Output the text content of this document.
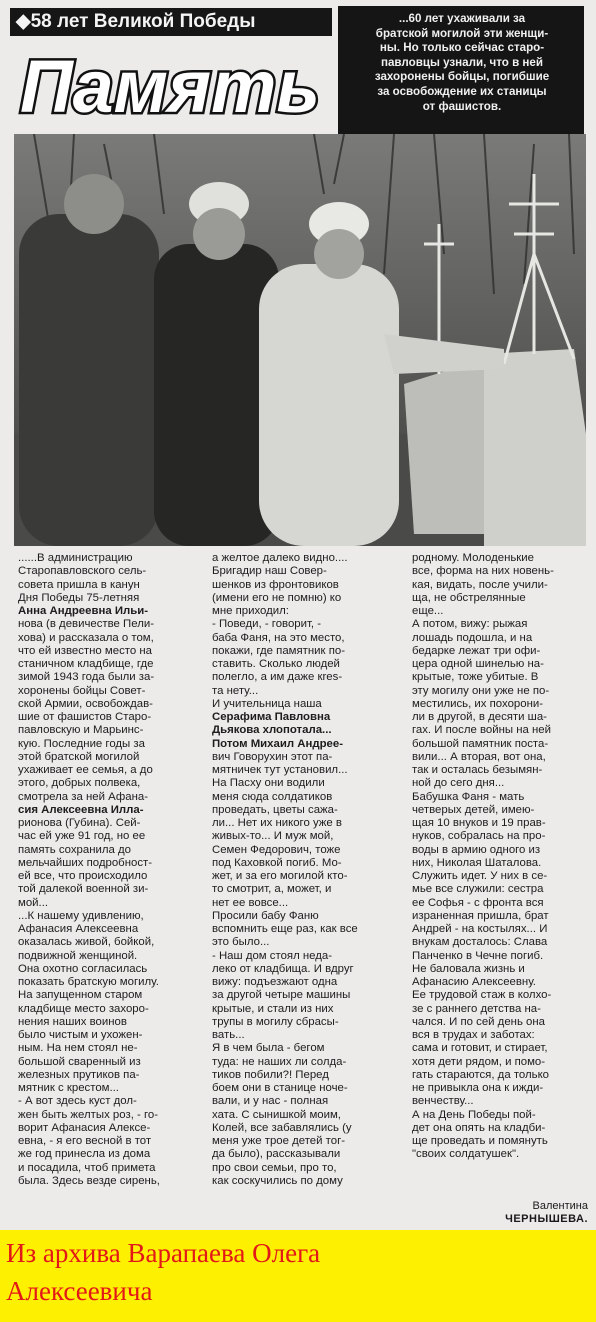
◆58 лет Великой Победы
Память
...60 лет ухаживали за
братской могилой эти женщи-
ны. Но только сейчас старо-
павловцы узнали, что в ней
захоронены бойцы, погибшие
за освобождение их станицы
от фашистов.
......В администрацию
Старопавловского сель-
совета пришла в канун
Дня Победы 75-летняя
Анна Андреевна Ильи-
нова (в девичестве Пели-
хова) и рассказала о том,
что ей известно место на
станичном кладбище, где
зимой 1943 года были за-
хоронены бойцы Совет-
ской Армии, освобождав-
шие от фашистов Старо-
павловскую и Марьинс-
кую. Последние годы за
этой братской могилой
ухаживает ее семья, а до
этого, добрых полвека,
смотрела за ней Афана-
сия Алексеевна Илла-
рионова (Губина). Сей-
час ей уже 91 год, но ее
память сохранила до
мельчайших подробност-
ей все, что происходило
той далекой военной зи-
мой...
...К нашему удивлению,
Афанасия Алексеевна
оказалась живой, бойкой,
подвижной женщиной.
Она охотно согласилась
показать братскую могилу.
На запущенном старом
кладбище место захоро-
нения наших воинов
было чистым и ухожен-
ным. На нем стоял не-
большой сваренный из
железных прутиков па-
мятник с крестом...
- А вот здесь куст дол-
жен быть желтых роз, - го-
ворит Афанасия Алексе-
евна, - я его весной в тот
же год принесла из дома
и посадила, чтоб примета
была. Здесь везде сирень,
а желтое далеко видно....
Бригадир наш Совер-
шенков из фронтовиков
(имени его не помню) ко
мне приходил:
- Поведи, - говорит, -
баба Фаня, на это место,
покажи, где памятник по-
ставить. Сколько людей
полегло, а им даже кres-
та нету...
И учительница наша
Серафима Павловна
Дьякова хлопотала...
Потом Михаил Андрее-
вич Говорухин этот па-
мятничек тут установил...
На Пасху они водили
меня сюда солдатиков
проведать, цветы сажа-
ли... Нет их никого уже в
живых-то... И муж мой,
Семен Федорович, тоже
под Каховкой погиб. Мо-
жет, и за его могилой кто-
то смотрит, а, может, и
нет ее вовсе...
Просили бабу Фаню
вспомнить еще раз, как все
это было...
- Наш дом стоял неда-
леко от кладбища. И вдруг
вижу: подъезжают одна
за другой четыре машины
крытые, и стали из них
трупы в могилу сбрасы-
вать...
Я в чем была - бегом
туда: не наших ли солда-
тиков побили?! Перед
боем они в станице ноче-
вали, и у нас - полная
хата. С сынишкой моим,
Колей, все забавлялись (у
меня уже трое детей тог-
да было), рассказывали
про свои семьи, про то,
как соскучились по дому
родному. Молоденькие
все, форма на них новень-
кая, видать, после учили-
ща, не обстрелянные
еще...
А потом, вижу: рыжая
лошадь подошла, и на
бедарке лежат три офи-
цера одной шинелью на-
крытые, тоже убитые. В
эту могилу они уже не по-
местились, их похорони-
ли в другой, в десяти ша-
гах. И после войны на ней
большой памятник поста-
вили... А вторая, вот она,
так и осталась безымян-
ной до сего дня...
Бабушка Фаня - мать
четверых детей, имею-
щая 10 внуков и 19 прав-
нуков, собралась на про-
воды в армию одного из
них, Николая Шаталова.
Служить идет. У них в се-
мье все служили: сестра
ее Софья - с фронта вся
израненная пришла, брат
Андрей - на костылях... И
внукам досталось: Слава
Панченко в Чечне погиб.
Не баловала жизнь и
Афанасию Алексеевну.
Ее трудовой стаж в колхо-
зе с раннего детства на-
чался. И по сей день она
вся в трудах и заботах:
сама и готовит, и стирает,
хотя дети рядом, и помо-
гать стараются, да только
не привыкла она к ижди-
венчеству...
А на День Победы пой-
дет она опять на кладби-
ще проведать и помянуть
"своих солдатушек".
Валентина
ЧЕРНЫШЕВА.
Из архива Варапаева Олега
Алексеевича
